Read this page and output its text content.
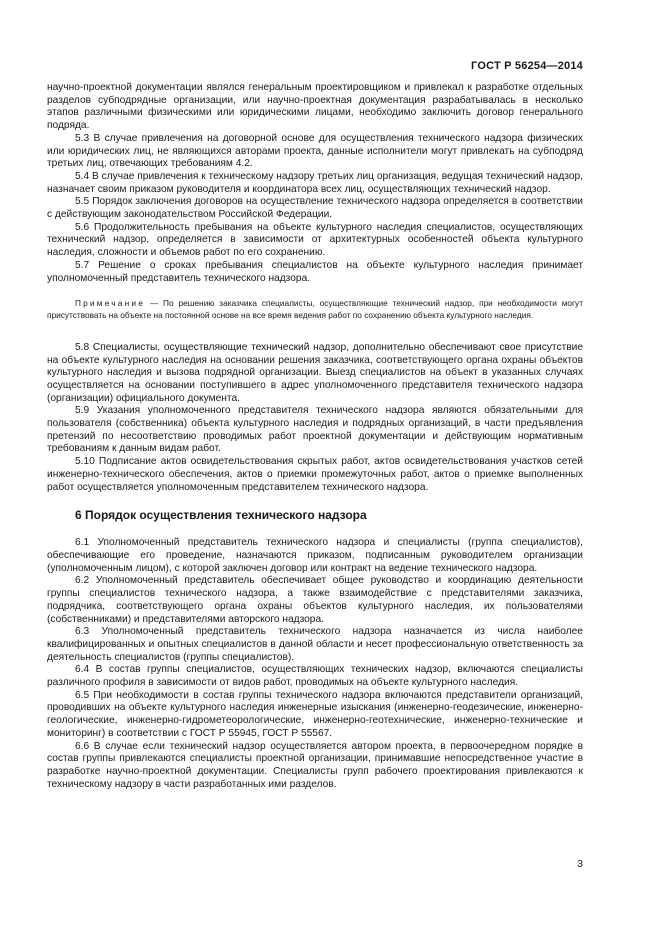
ГОСТ Р 56254—2014

научно-проектной документации являлся генеральным проектировщиком и привлекал к разработке отдельных разделов субподрядные организации, или научно-проектная документация разрабатывалась в несколько этапов различными физическими или юридическими лицами, необходимо заключить договор генерального подряда.

5.3 В случае привлечения на договорной основе для осуществления технического надзора физических или юридических лиц, не являющихся авторами проекта, данные исполнители могут привлекать на субподряд третьих лиц, отвечающих требованиям 4.2.

5.4 В случае привлечения к техническому надзору третьих лиц организация, ведущая технический надзор, назначает своим приказом руководителя и координатора всех лиц, осуществляющих технический надзор.

5.5 Порядок заключения договоров на осуществление технического надзора определяется в соответствии с действующим законодательством Российской Федерации.

5.6 Продолжительность пребывания на объекте культурного наследия специалистов, осуществляющих технический надзор, определяется в зависимости от архитектурных особенностей объекта культурного наследия, сложности и объемов работ по его сохранению.

5.7 Решение о сроках пребывания специалистов на объекте культурного наследия принимает уполномоченный представитель технического надзора.

Примечание — По решению заказчика специалисты, осуществляющие технический надзор, при необходимости могут присутствовать на объекте на постоянной основе на все время ведения работ по сохранению объекта культурного наследия.

5.8 Специалисты, осуществляющие технический надзор, дополнительно обеспечивают свое присутствие на объекте культурного наследия на основании решения заказчика, соответствующего органа охраны объектов культурного наследия и вызова подрядной организации. Выезд специалистов на объект в указанных случаях осуществляется на основании поступившего в адрес уполномоченного представителя технического надзора (организации) официального документа.

5.9 Указания уполномоченного представителя технического надзора являются обязательными для пользователя (собственника) объекта культурного наследия и подрядных организаций, в части предъявления претензий по несоответствию проводимых работ проектной документации и действующим нормативным требованиям к данным видам работ.

5.10 Подписание актов освидетельствования скрытых работ, актов освидетельствования участков сетей инженерно-технического обеспечения, актов о приемки промежуточных работ, актов о приемке выполненных работ осуществляется уполномоченным представителем технического надзора.

6 Порядок осуществления технического надзора

6.1 Уполномоченный представитель технического надзора и специалисты (группа специалистов), обеспечивающие его проведение, назначаются приказом, подписанным руководителем организации (уполномоченным лицом), с которой заключен договор или контракт на ведение технического надзора.

6.2 Уполномоченный представитель обеспечивает общее руководство и координацию деятельности группы специалистов технического надзора, а также взаимодействие с представителями заказчика, подрядчика, соответствующего органа охраны объектов культурного наследия, их пользователями (собственниками) и представителями авторского надзора.

6.3 Уполномоченный представитель технического надзора назначается из числа наиболее квалифицированных и опытных специалистов в данной области и несет профессиональную ответственность за деятельность специалистов (группы специалистов).

6.4 В состав группы специалистов, осуществляющих технических надзор, включаются специалисты различного профиля в зависимости от видов работ, проводимых на объекте культурного наследия.

6.5 При необходимости в состав группы технического надзора включаются представители организаций, проводивших на объекте культурного наследия инженерные изыскания (инженерно-геодезические, инженерно-геологические, инженерно-гидрометеорологические, инженерно-геотехнические, инженерно-технические и мониторинг) в соответствии с ГОСТ Р 55945, ГОСТ Р 55567.

6.6 В случае если технический надзор осуществляется автором проекта, в первоочередном порядке в состав группы привлекаются специалисты проектной организации, принимавшие непосредственное участие в разработке научно-проектной документации. Специалисты групп рабочего проектирования привлекаются к техническому надзору в части разработанных ими разделов.

3
